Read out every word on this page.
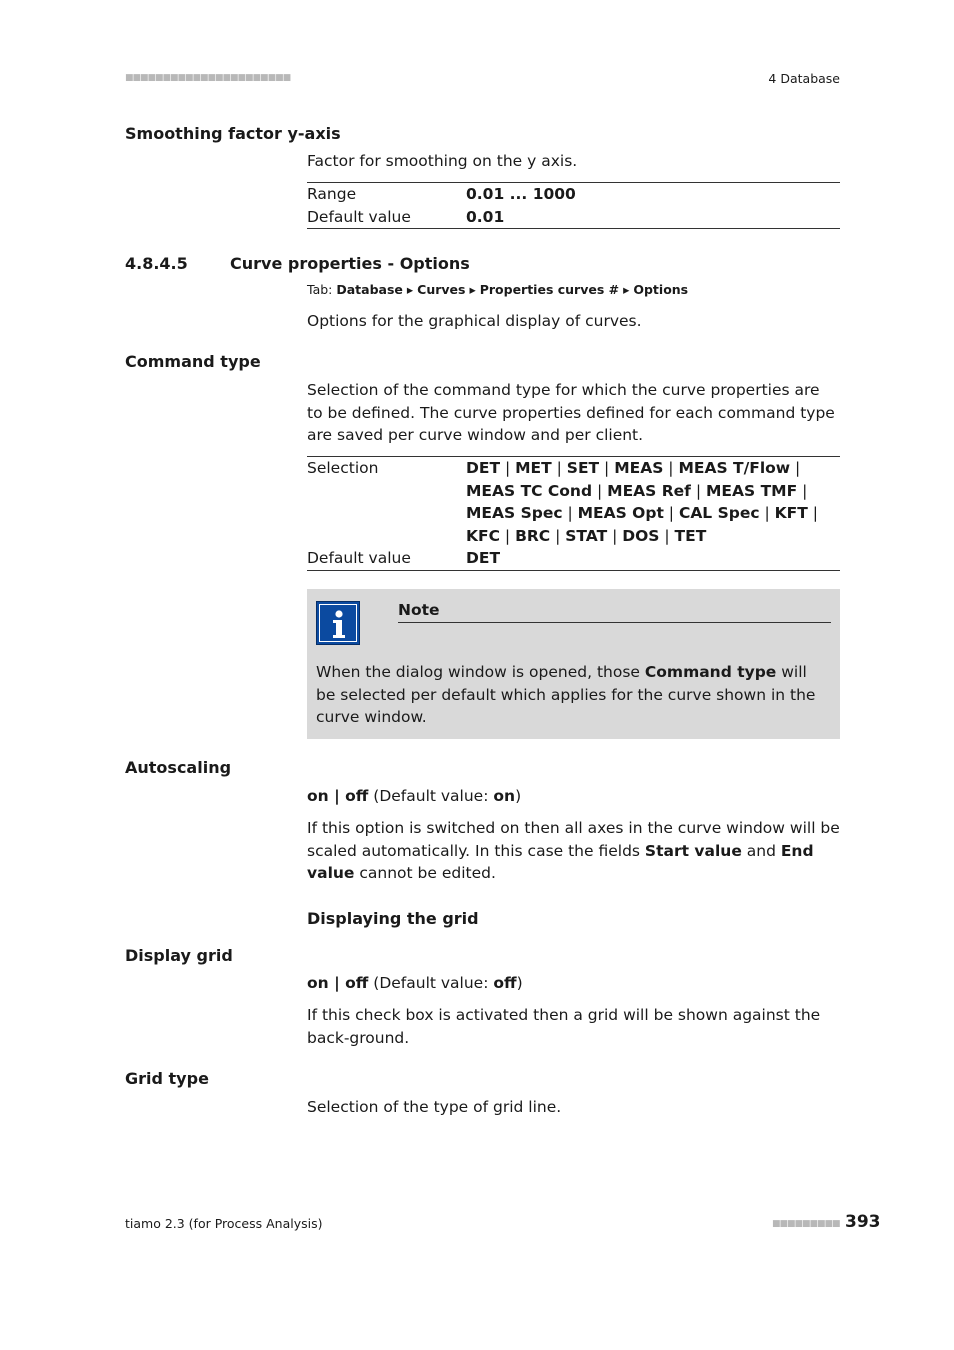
■■■■■■■■■■■■■■■■■■■■■■	4 Database
Smoothing factor y-axis
Factor for smoothing on the y axis.
Range	0.01 ... 1000
Default value	0.01
4.8.4.5	Curve properties - Options
Tab: Database ▸ Curves ▸ Properties curves # ▸ Options
Options for the graphical display of curves.
Command type
Selection of the command type for which the curve properties are to be defined. The curve properties defined for each command type are saved per curve window and per client.
Selection	DET | MET | SET | MEAS | MEAS T/Flow | MEAS TC Cond | MEAS Ref | MEAS TMF | MEAS Spec | MEAS Opt | CAL Spec | KFT | KFC | BRC | STAT | DOS | TET
Default value	DET
Note
When the dialog window is opened, those Command type will be selected per default which applies for the curve shown in the curve window.
Autoscaling
on | off (Default value: on)
If this option is switched on then all axes in the curve window will be scaled automatically. In this case the fields Start value and End value cannot be edited.
Displaying the grid
Display grid
on | off (Default value: off)
If this check box is activated then a grid will be shown against the back-ground.
Grid type
Selection of the type of grid line.
tiamo 2.3 (for Process Analysis)	■■■■■■■■■ 393
